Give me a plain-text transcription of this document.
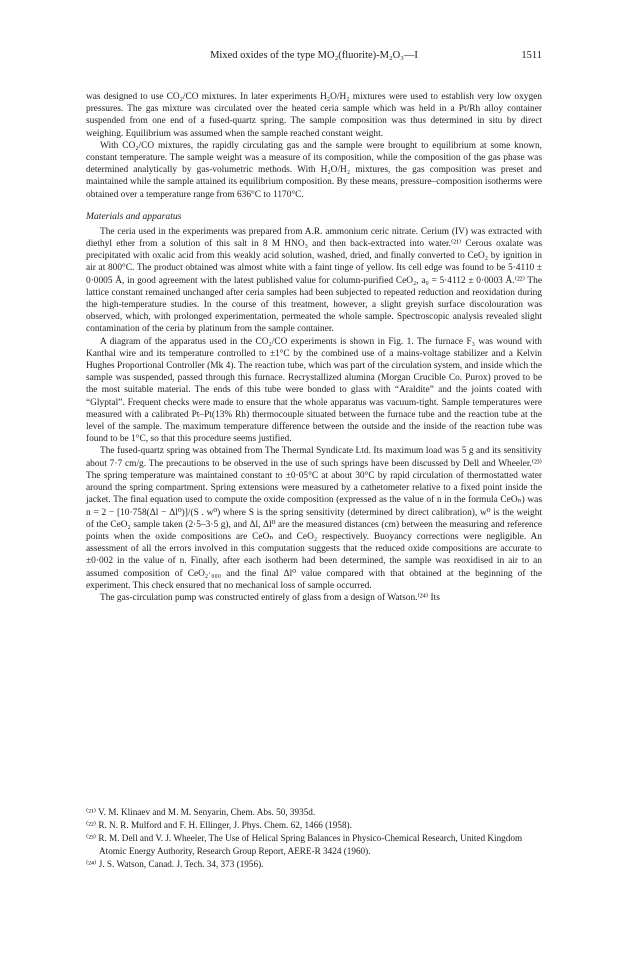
Mixed oxides of the type MO₂(fluorite)-M₂O₃—I	1511

was designed to use CO₂/CO mixtures. In later experiments H₂O/H₂ mixtures were used to establish very low oxygen pressures. The gas mixture was circulated over the heated ceria sample which was held in a Pt/Rh alloy container suspended from one end of a fused-quartz spring. The sample composition was thus determined in situ by direct weighing. Equilibrium was assumed when the sample reached constant weight.

With CO₂/CO mixtures, the rapidly circulating gas and the sample were brought to equilibrium at some known, constant temperature. The sample weight was a measure of its composition, while the composition of the gas phase was determined analytically by gas-volumetric methods. With H₂O/H₂ mixtures, the gas composition was preset and maintained while the sample attained its equilibrium composition. By these means, pressure–composition isotherms were obtained over a temperature range from 636°C to 1170°C.

Materials and apparatus

The ceria used in the experiments was prepared from A.R. ammonium ceric nitrate. Cerium (IV) was extracted with diethyl ether from a solution of this salt in 8 M HNO₃ and then back-extracted into water.⁽²¹⁾ Cerous oxalate was precipitated with oxalic acid from this weakly acid solution, washed, dried, and finally converted to CeO₂ by ignition in air at 800°C. The product obtained was almost white with a faint tinge of yellow. Its cell edge was found to be 5·4110 ± 0·0005 Å, in good agreement with the latest published value for column-purified CeO₂, a₀ = 5·4112 ± 0·0003 Å.⁽²²⁾ The lattice constant remained unchanged after ceria samples had been subjected to repeated reduction and reoxidation during the high-temperature studies. In the course of this treatment, however, a slight greyish surface discolouration was observed, which, with prolonged experimentation, permeated the whole sample. Spectroscopic analysis revealed slight contamination of the ceria by platinum from the sample container.

A diagram of the apparatus used in the CO₂/CO experiments is shown in Fig. 1. The furnace F₃ was wound with Kanthal wire and its temperature controlled to ±1°C by the combined use of a mains-voltage stabilizer and a Kelvin Hughes Proportional Controller (Mk 4). The reaction tube, which was part of the circulation system, and inside which the sample was suspended, passed through this furnace. Recrystallized alumina (Morgan Crucible Co. Purox) proved to be the most suitable material. The ends of this tube were bonded to glass with “Araldite” and the joints coated with “Glyptal”. Frequent checks were made to ensure that the whole apparatus was vacuum-tight. Sample temperatures were measured with a calibrated Pt–Pt(13% Rh) thermocouple situated between the furnace tube and the reaction tube at the level of the sample. The maximum temperature difference between the outside and the inside of the reaction tube was found to be 1°C, so that this procedure seems justified.

The fused-quartz spring was obtained from The Thermal Syndicate Ltd. Its maximum load was 5 g and its sensitivity about 7·7 cm/g. The precautions to be observed in the use of such springs have been discussed by Dell and Wheeler.⁽²³⁾ The spring temperature was maintained constant to ±0·05°C at about 30°C by rapid circulation of thermostatted water around the spring compartment. Spring extensions were measured by a cathetometer relative to a fixed point inside the jacket. The final equation used to compute the oxide composition (expressed as the value of n in the formula CeOₙ) was n = 2 − [10·758(Δl − Δl⁰)]/(S . w⁰) where S is the spring sensitivity (determined by direct calibration), w⁰ is the weight of the CeO₂ sample taken (2·5–3·5 g), and Δl, Δl⁰ are the measured distances (cm) between the measuring and reference points when the oxide compositions are CeOₙ and CeO₂ respectively. Buoyancy corrections were negligible. An assessment of all the errors involved in this computation suggests that the reduced oxide compositions are accurate to ±0·002 in the value of n. Finally, after each isotherm had been determined, the sample was reoxidised in air to an assumed composition of CeO₂·₀₀₀ and the final Δl⁰ value compared with that obtained at the beginning of the experiment. This check ensured that no mechanical loss of sample occurred.

The gas-circulation pump was constructed entirely of glass from a design of Watson.⁽²⁴⁾ Its

⁽²¹⁾ V. M. Klinaev and M. M. Senyarin, Chem. Abs. 50, 3935d.
⁽²²⁾ R. N. R. Mulford and F. H. Ellinger, J. Phys. Chem. 62, 1466 (1958).
⁽²³⁾ R. M. Dell and V. J. Wheeler, The Use of Helical Spring Balances in Physico-Chemical Research, United Kingdom Atomic Energy Authority, Research Group Report, AERE-R 3424 (1960).
⁽²⁴⁾ J. S. Watson, Canad. J. Tech. 34, 373 (1956).
